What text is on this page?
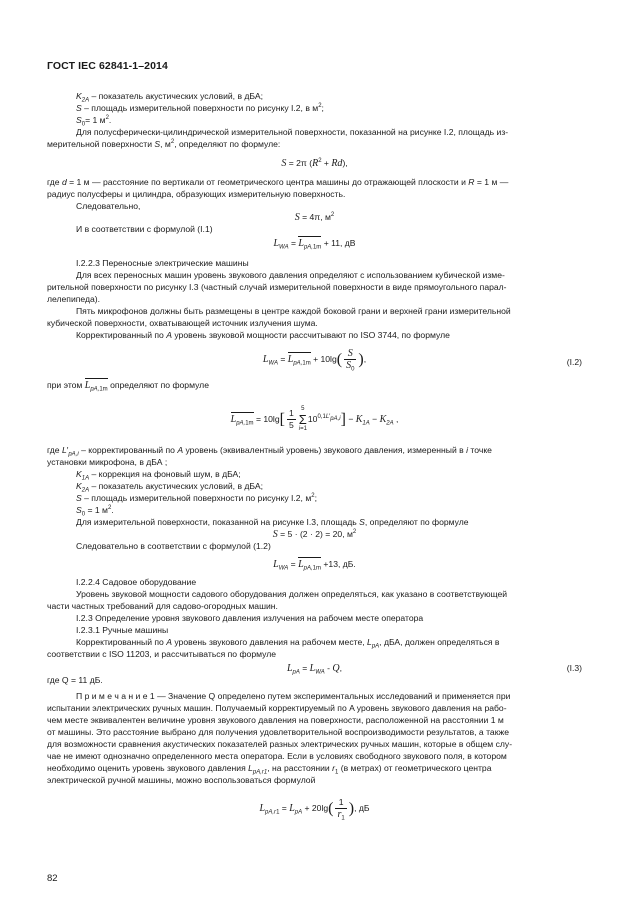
ГОСТ IEC 62841-1–2014
$K_{2A}$ – показатель акустических условий, в дБА;
S – площадь измерительной поверхности по рисунку I.2, в $м^2$;
$S_0= 1$ $м^2$.
Для полусферически-цилиндрической измерительной поверхности, показанной на рисунке I.2, площадь из-
мерительной поверхности S, $м^2$, определяют по формуле:
S = 2π $(R^2 + Rd)$,
где d = 1 м — расстояние по вертикали от геометрического центра машины до отражающей плоскости и R = 1 м —
радиус полусферы и цилиндра, образующих измерительную поверхность.
Следовательно,
S = 4π, $м^2$
И в соответствии с формулой (I.1)
$L_{WA} = L_{pA,1m} + 11$, дВ
I.2.2.3 Переносные электрические машины
Для всех переносных машин уровень звукового давления определяют с использованием кубической изме-
рительной поверхности по рисунку I.3 (частный случай измерительной поверхности в виде прямоугольного парал-
лелепипеда).
Пять микрофонов должны быть размещены в центре каждой боковой грани и верхней грани измерительной
кубической поверхности, охватывающей источник излучения шума.
Корректированный по A уровень звуковой мощности рассчитывают по ISO 3744, по формуле
$L_{WA} = L_{pA,1m} + 10\lg( \frac{S}{S_0}$ ),	(I.2)
при этом $L_{pA,1m}$ определяют по формуле
$L_{pA,1m} = 10\lg[ \frac{1}{5} 5$
Σ
$i=110^{0,1L'_{pA,i}}] - K_{1A} - K_{2A}$ ,
где $L'_{pA,i}$ – корректированный по A уровень (эквивалентный уровень) звукового давления, измеренный в i точке
установки микрофона, в дБА ;
$K_{1A}$ – коррекция на фоновый шум, в дБА;
$K_{2A}$ – показатель акустических условий, в дБА;
S – площадь измерительной поверхности по рисунку I.2, $м^2$;
$S_0 = 1$ $м^2$.
Для измерительной поверхности, показанной на рисунке I.3, площадь S, определяют по формуле
S = 5 · (2 · 2) = 20, $м^2$
Следовательно в соответствии с формулой (1.2)
$L_{WA} = L_{pA,1m} +13$, дБ.
I.2.2.4 Садовое оборудование
Уровень звуковой мощности садового оборудования должен определяться, как указано в соответствующей
части частных требований для садово-огородных машин.
I.2.3 Определение уровня звукового давления излучения на рабочем месте оператора
I.2.3.1 Ручные машины
Корректированный по A уровень звукового давления на рабочем месте, $L_{pA}$, дБА, должен определяться в
соответствии с ISO 11203, и рассчитываться по формуле
$L_{pA} = L_{WA} - Q$,	(I.3)
где Q = 11 дБ.
П р и м е ч а н и е 1 — Значение Q определено путем экспериментальных исследований и применяется при
испытании электрических ручных машин. Получаемый корректируемый по A уровень звукового давления на рабо-
чем месте эквивалентен величине уровня звукового давления на поверхности, расположенной на расстоянии 1 м
от машины. Это расстояние выбрано для получения удовлетворительной воспроизводимости результатов, а также
для возможности сравнения акустических показателей разных электрических ручных машин, которые в общем слу-
чае не имеют однозначно определенного места оператора. Если в условиях свободного звукового поля, в котором
необходимо оценить уровень звукового давления $L_{pA,r1}$, на расстоянии $r_1$ (в метрах) от геометрического центра
электрической ручной машины, можно воспользоваться формулой
$L_{pA,r1} = L_{pA} + 20\lg( \frac{1}{r_1}$ ), дБ
82
